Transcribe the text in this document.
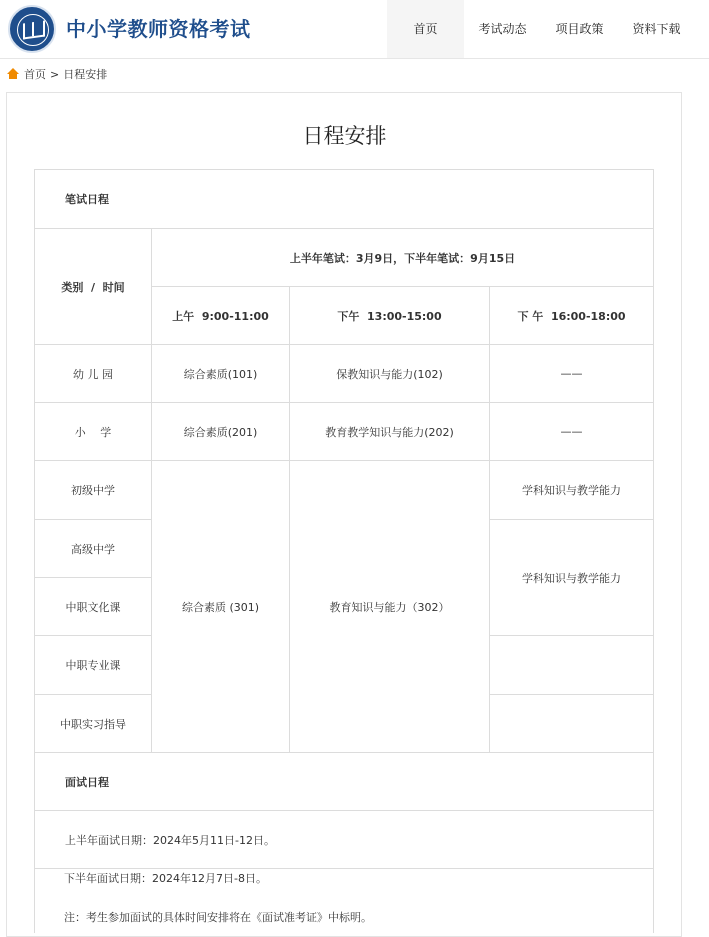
中小学教师资格考试	首页	考试动态	项目政策	资料下载
首页 > 日程安排
日程安排
笔试日程			
类别  /  时间	上半年笔试：3月9日，下半年笔试：9月15日		
	上午  9:00-11:00	下午  13:00-15:00	下 午  16:00-18:00
幼 儿 园	综合素质(101)	保教知识与能力(102)	——
小　 学	综合素质(201)	教育教学知识与能力(202)	——
初级中学	综合素质 (301)	教育知识与能力（302）	学科知识与教学能力
高级中学			学科知识与教学能力
中职文化课			
中职专业课			
中职实习指导			
面试日程			
上半年面试日期：2024年5月11日-12日。			
下半年面试日期：2024年12月7日-8日。
注：考生参加面试的具体时间安排将在《面试准考证》中标明。
